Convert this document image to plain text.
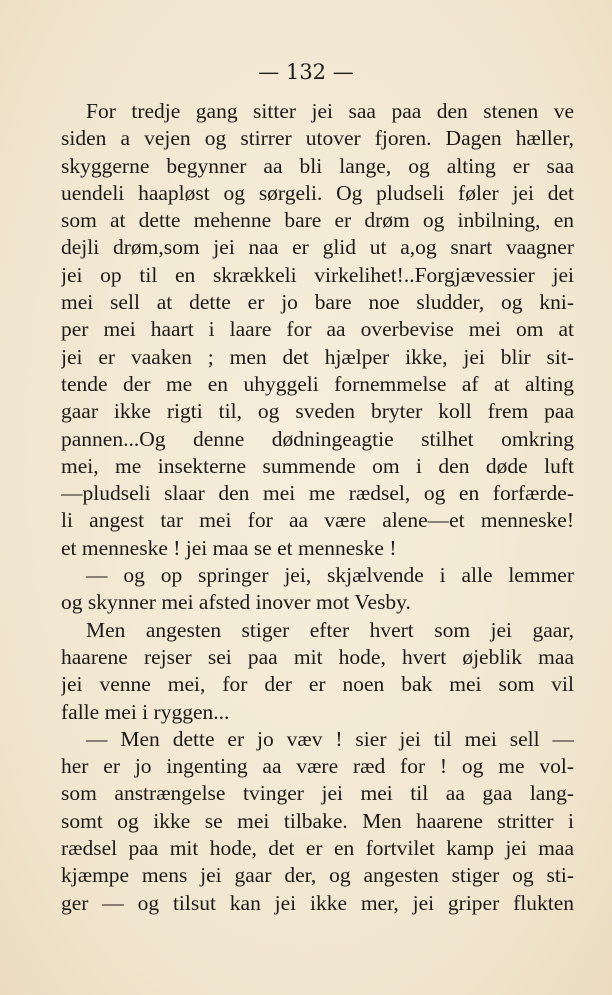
— 132 —
For tredje gang sitter jei saa paa den stenen ve
siden a vejen og stirrer utover fjoren. Dagen hæller,
skyggerne begynner aa bli lange, og alting er saa
uendeli haapløst og sørgeli. Og pludseli føler jei det
som at dette mehenne bare er drøm og inbilning, en
dejli drøm,som jei naa er glid ut a,og snart vaagner
jei op til en skrækkeli virkelihet!..Forgjævessier jei
mei sell at dette er jo bare noe sludder, og kni-
per mei haart i laare for aa overbevise mei om at
jei er vaaken ; men det hjælper ikke, jei blir sit-
tende der me en uhyggeli fornemmelse af at alting
gaar ikke rigti til, og sveden bryter koll frem paa
pannen...Og denne dødningeagtie stilhet omkring
mei, me insekterne summende om i den døde luft
—pludseli slaar den mei me rædsel, og en forfærde-
li angest tar mei for aa være alene—et menneske!
et menneske ! jei maa se et menneske !
— og op springer jei, skjælvende i alle lemmer
og skynner mei afsted inover mot Vesby.
Men angesten stiger efter hvert som jei gaar,
haarene rejser sei paa mit hode, hvert øjeblik maa
jei venne mei, for der er noen bak mei som vil
falle mei i ryggen...
— Men dette er jo væv ! sier jei til mei sell —
her er jo ingenting aa være ræd for ! og me vol-
som anstrængelse tvinger jei mei til aa gaa lang-
somt og ikke se mei tilbake. Men haarene stritter i
rædsel paa mit hode, det er en fortvilet kamp jei maa
kjæmpe mens jei gaar der, og angesten stiger og sti-
ger — og tilsut kan jei ikke mer, jei griper flukten
